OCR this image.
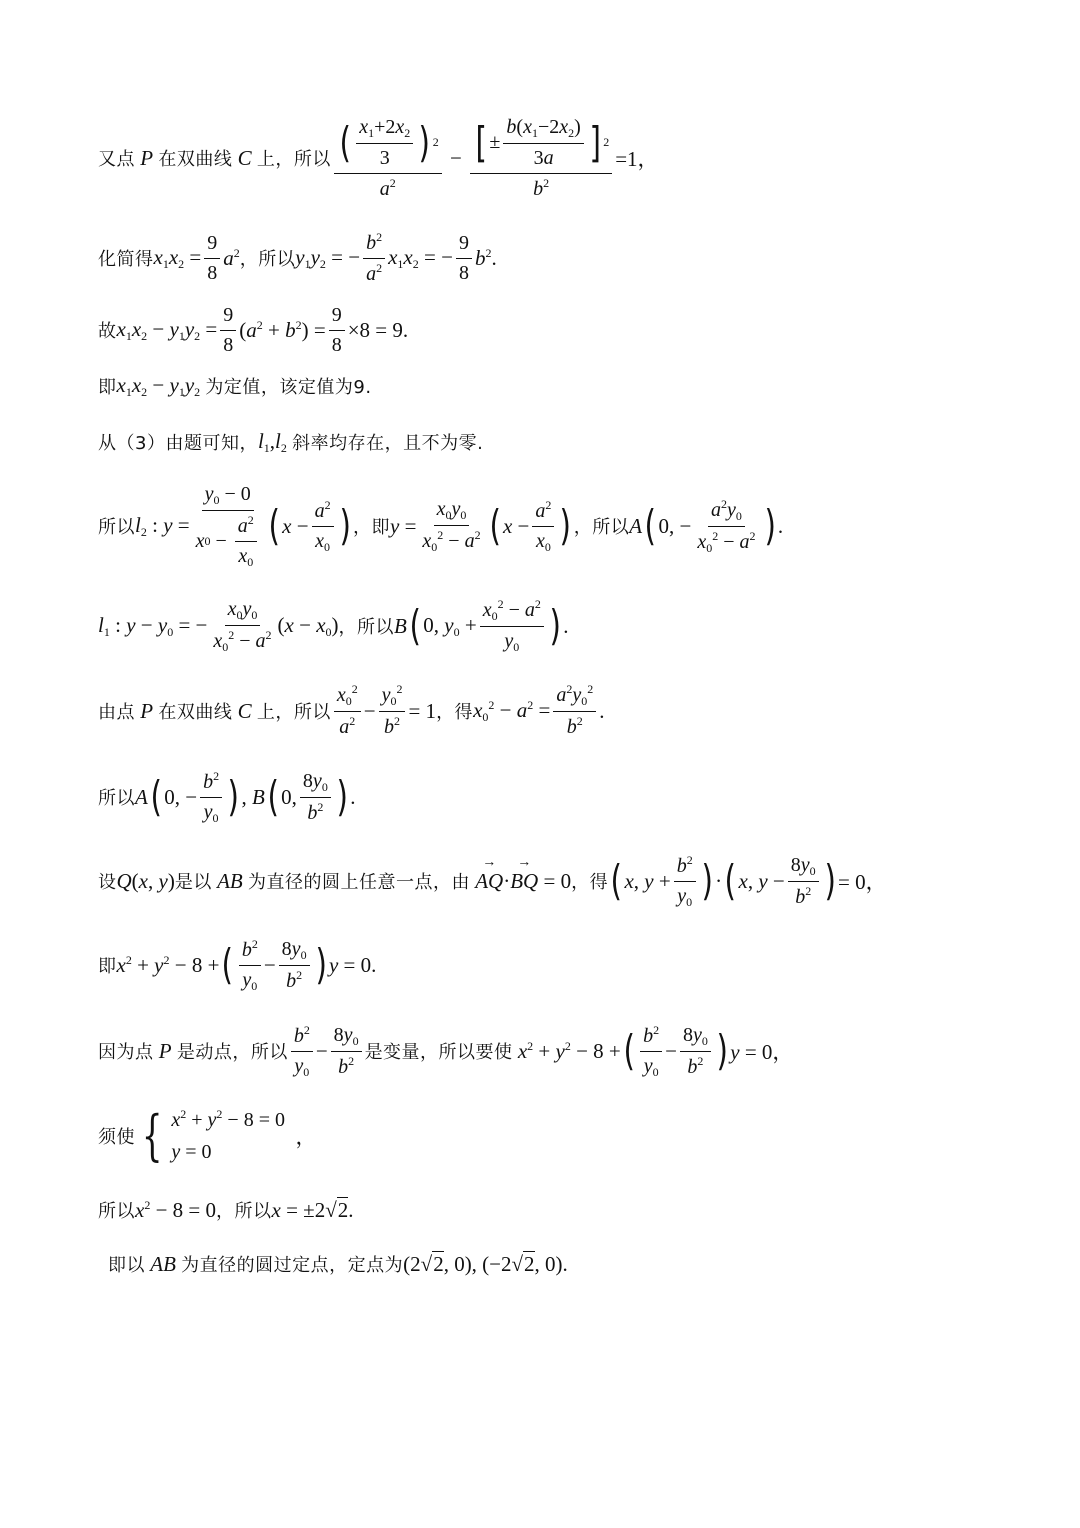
又点 P 在双曲线 C 上，所以 $\frac{( \frac{x_1+2x_2}{3} ) 2}{a^2} - \frac{[ \pm \frac{b(x_1-2x_2)}{3a} ] 2}{b^2} =1$，
化简得 $x_1x_2 = \frac{9}{8} a^2$ ，所以 $y_1y_2$ = − $\frac{b^2}{a^2} x_1x_2$ = − $\frac{9}{8} b^2$.
故 $x_1x_2 - y_1y_2 = \frac{9}{8} (a^2 + b^2) = \frac{9}{8} \times 8 = 9$.
即 $x_1x_2 - y_1y_2$ 为定值，该定值为9.
从（3）由题可知， $l_1,l_2$ 斜率均存在，且不为零.
所以 $l_2$ : $y = \frac{y_0 - 0}{x 0 - \frac{a^2}{x_0}}$ ( $x - \frac{a^2}{x_0}$ ) ，即 $y = \frac{x_0y_0}{x_0^2 - a^2}$ ( $x - \frac{a^2}{x_0}$ ) ，所以 A ( 0, − $\frac{a^2y_0}{x_0^2 - a^2}$ ) .
$l_1$ : $y - y_0$ = − $\frac{x_0y_0}{x_0^2 - a^2} (x - x_0)$ ，所以 B ( 0, $y_0 + \frac{x_0^2 - a^2}{y_0}$ ) .
由点 P 在双曲线 C 上，所以 $\frac{x_0^2}{a^2} - \frac{y_0^2}{b^2} = 1$ ，得 $x_0^2 - a^2 = \frac{a^2y_0^2}{b^2}$ .
所以 A ( 0, − $\frac{b^2}{y_0}$ ) , B ( 0, $\frac{8y_0}{b^2}$ ) .
设 Q(x, y) 是以 AB 为直径的圆上任意一点，由
→ AQ·→ BQ = 0 ，得 ( x, $y + \frac{b^2}{y_0}$ ) · ( x, $y - \frac{8y_0}{b^2}$ ) = 0，
即 $x^2 + y^2 - 8$ + ( $\frac{b^2}{y_0} - \frac{8y_0}{b^2}$ ) y = 0.
因为点 P 是动点，所以 $\frac{b^2}{y_0} - \frac{8y_0}{b^2}$ 是变量，所以要使 $x^2 + y^2 - 8$ + ( $\frac{b^2}{y_0} - \frac{8y_0}{b^2}$ ) y = 0，
须使 { $x^2 + y^2 - 8 = 0$
y = 0
，
所以 $x^2 - 8 = 0$ ，所以 x = ±2√2.
即以 AB 为直径的圆过定点，定点为 (2√2, 0), (−2√2, 0).
